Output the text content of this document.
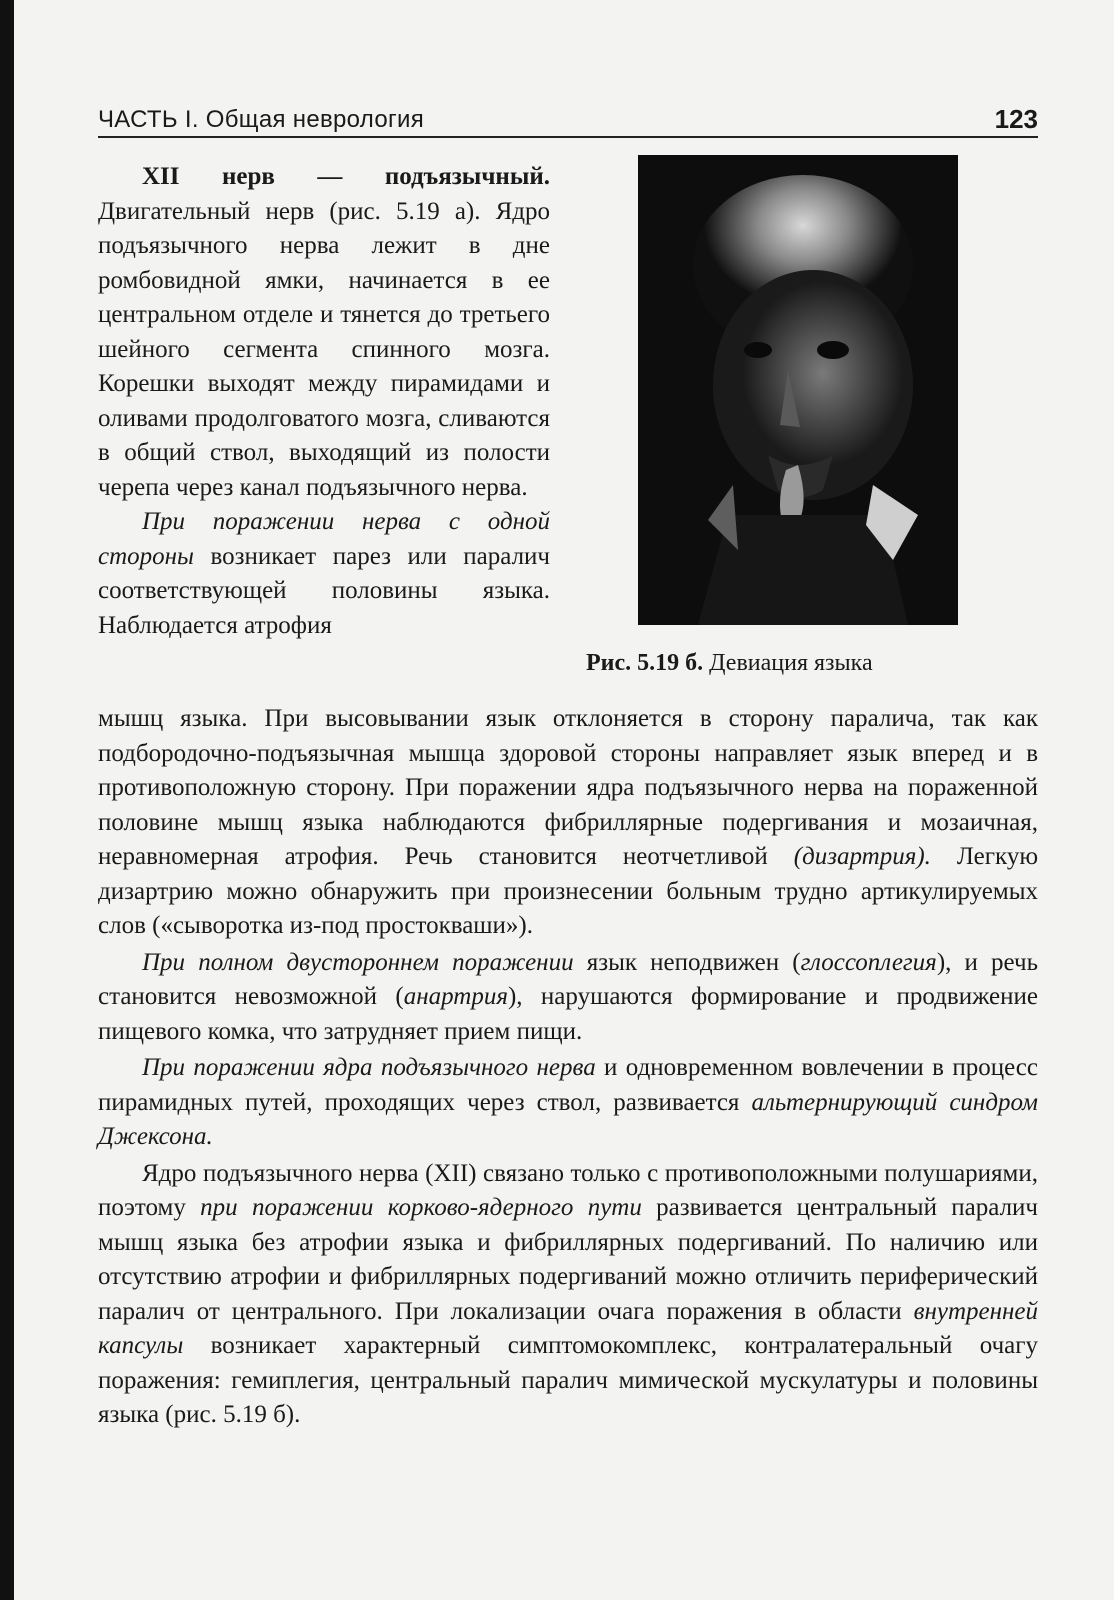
ЧАСТЬ I. Общая неврология	123

XII нерв — подъязычный. Двигательный нерв (рис. 5.19 а). Ядро подъязычного нерва лежит в дне ромбовидной ямки, начинается в ее центральном отделе и тянется до третьего шейного сегмента спинного мозга. Корешки выходят между пирамидами и оливами продолговатого мозга, сливаются в общий ствол, выходящий из полости черепа через канал подъязычного нерва.

При поражении нерва с одной стороны возникает парез или паралич соответствующей половины языка. Наблюдается атрофия

Рис. 5.19 б. Девиация языка

мышц языка. При высовывании язык отклоняется в сторону паралича, так как подбородочно-подъязычная мышца здоровой стороны направляет язык вперед и в противоположную сторону. При поражении ядра подъязычного нерва на пораженной половине мышц языка наблюдаются фибриллярные подергивания и мозаичная, неравномерная атрофия. Речь становится неотчетливой (дизартрия). Легкую дизартрию можно обнаружить при произнесении больным трудно артикулируемых слов («сыворотка из-под простокваши»).

При полном двустороннем поражении язык неподвижен (глоссоплегия), и речь становится невозможной (анартрия), нарушаются формирование и продвижение пищевого комка, что затрудняет прием пищи.

При поражении ядра подъязычного нерва и одновременном вовлечении в процесс пирамидных путей, проходящих через ствол, развивается альтернирующий синдром Джексона.

Ядро подъязычного нерва (XII) связано только с противоположными полушариями, поэтому при поражении корково-ядерного пути развивается центральный паралич мышц языка без атрофии языка и фибриллярных подергиваний. По наличию или отсутствию атрофии и фибриллярных подергиваний можно отличить периферический паралич от центрального. При локализации очага поражения в области внутренней капсулы возникает характерный симптомокомплекс, контралатеральный очагу поражения: гемиплегия, центральный паралич мимической мускулатуры и половины языка (рис. 5.19 б).
